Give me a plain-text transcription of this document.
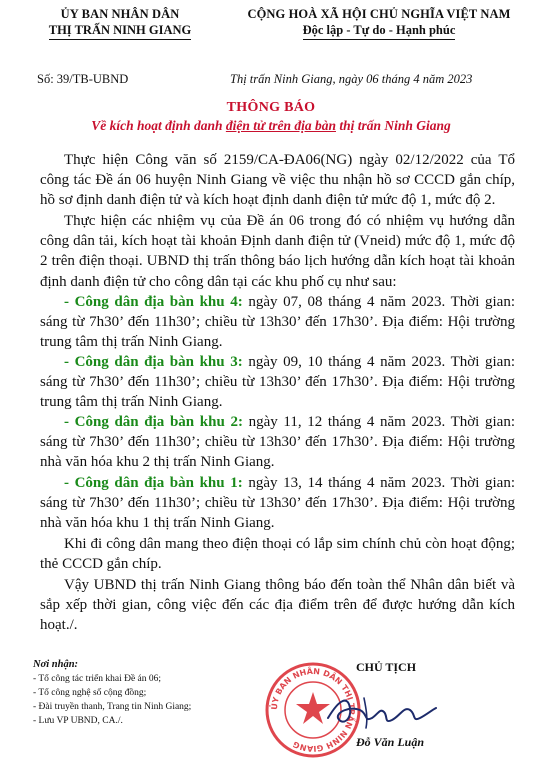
ỦY BAN NHÂN DÂN
THỊ TRẤN NINH GIANG
CỘNG HOÀ XÃ HỘI CHỦ NGHĨA VIỆT NAM
Độc lập - Tự do - Hạnh phúc
Số: 39/TB-UBND	Thị trấn Ninh Giang, ngày 06 tháng 4 năm 2023
THÔNG BÁO
Về kích hoạt định danh điện tử trên địa bàn thị trấn Ninh Giang

Thực hiện Công văn số 2159/CA-ĐA06(NG) ngày 02/12/2022 của Tổ công tác Đề án 06 huyện Ninh Giang về việc thu nhận hồ sơ CCCD gắn chíp, hồ sơ định danh điện tử và kích hoạt định danh điện tử mức độ 1, mức độ 2.

Thực hiện các nhiệm vụ của Đề án 06 trong đó có nhiệm vụ hướng dẫn công dân tải, kích hoạt tài khoản Định danh điện tử (Vneid) mức độ 1, mức độ 2 trên điện thoại. UBND thị trấn thông báo lịch hướng dẫn kích hoạt tài khoản định danh điện tử cho công dân tại các khu phố cụ như sau:

- Công dân địa bàn khu 4: ngày 07, 08 tháng 4 năm 2023. Thời gian: sáng từ 7h30’ đến 11h30’; chiều từ 13h30’ đến 17h30’. Địa điểm: Hội trường trung tâm thị trấn Ninh Giang.

- Công dân địa bàn khu 3: ngày 09, 10 tháng 4 năm 2023. Thời gian: sáng từ 7h30’ đến 11h30’; chiều từ 13h30’ đến 17h30’. Địa điểm: Hội trường trung tâm thị trấn Ninh Giang.

- Công dân địa bàn khu 2: ngày 11, 12 tháng 4 năm 2023. Thời gian: sáng từ 7h30’ đến 11h30’; chiều từ 13h30’ đến 17h30’. Địa điểm: Hội trường nhà văn hóa khu 2 thị trấn Ninh Giang.

- Công dân địa bàn khu 1: ngày 13, 14 tháng 4 năm 2023. Thời gian: sáng từ 7h30’ đến 11h30’; chiều từ 13h30’ đến 17h30’. Địa điểm: Hội trường nhà văn hóa khu 1 thị trấn Ninh Giang.

Khi đi công dân mang theo điện thoại có lắp sim chính chủ còn hoạt động; thẻ CCCD gắn chíp.

Vậy UBND thị trấn Ninh Giang thông báo đến toàn thể Nhân dân biết và sắp xếp thời gian, công việc đến các địa điểm trên để được hướng dẫn kích hoạt./.

Nơi nhận:
- Tổ công tác triển khai Đề án 06;
- Tổ công nghệ số cộng đồng;
- Đài truyền thanh, Trang tin Ninh Giang;
- Lưu VP UBND, CA./.
ỦY BAN NHÂN DÂN THỊ TRẤN NINH GIANG
CHỦ TỊCH
Đỗ Văn Luận
